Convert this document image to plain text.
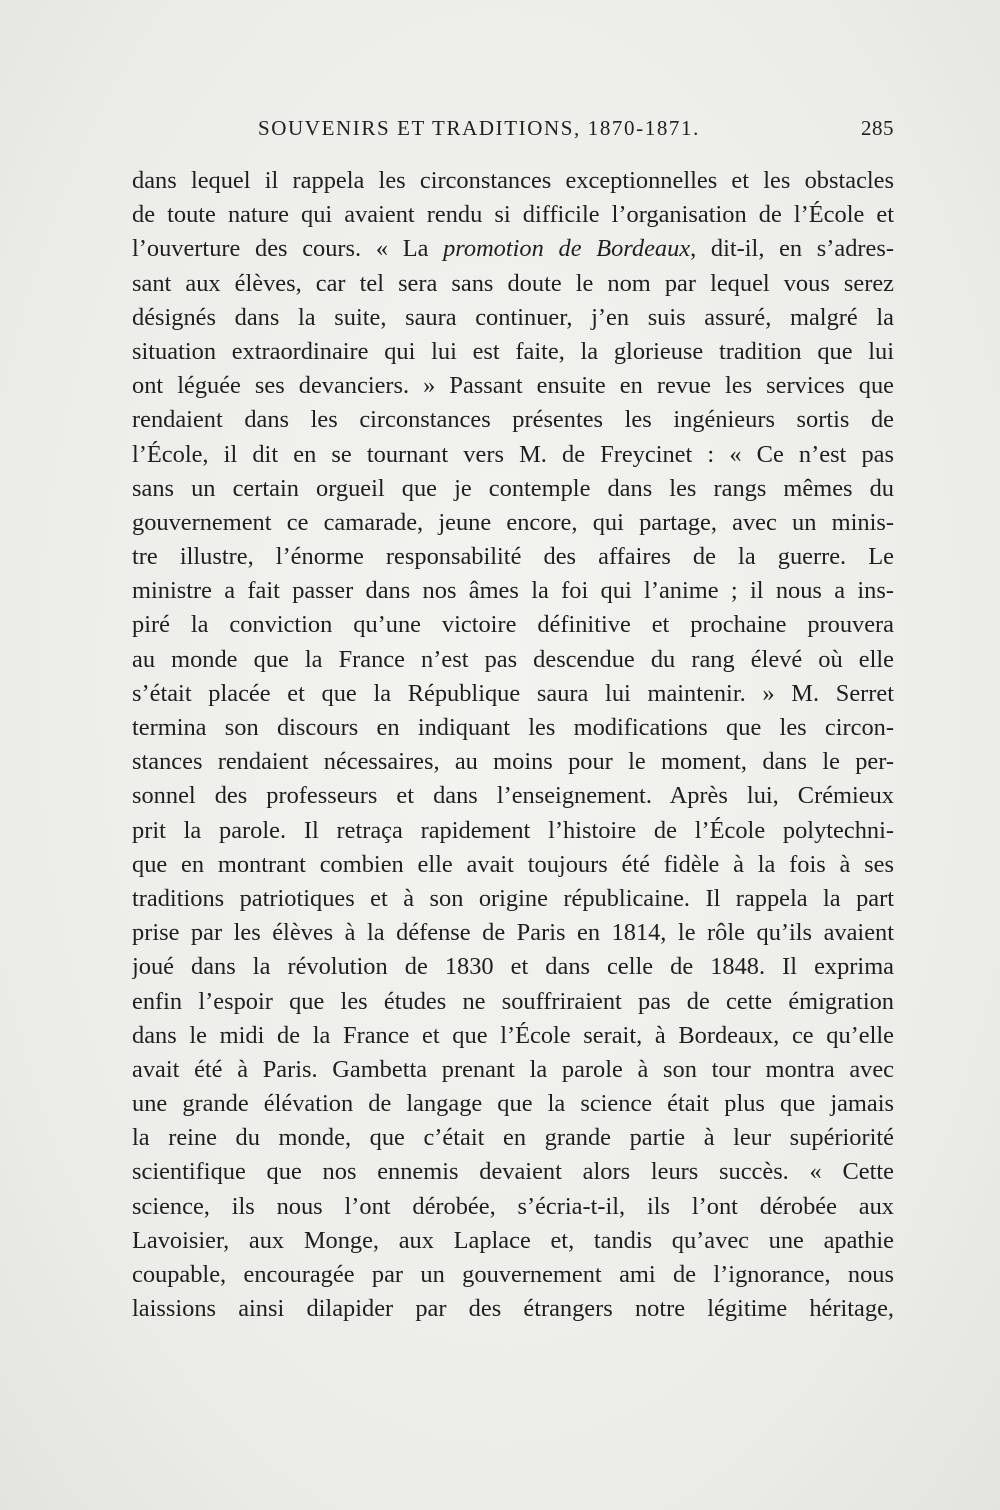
SOUVENIRS ET TRADITIONS, 1870-1871.	285
dans lequel il rappela les circonstances exceptionnelles et les obstacles
de toute nature qui avaient rendu si difficile l’organisation de l’École et
l’ouverture des cours. « La promotion de Bordeaux, dit-il, en s’adres-
sant aux élèves, car tel sera sans doute le nom par lequel vous serez
désignés dans la suite, saura continuer, j’en suis assuré, malgré la
situation extraordinaire qui lui est faite, la glorieuse tradition que lui
ont léguée ses devanciers. » Passant ensuite en revue les services que
rendaient dans les circonstances présentes les ingénieurs sortis de
l’École, il dit en se tournant vers M. de Freycinet : « Ce n’est pas
sans un certain orgueil que je contemple dans les rangs mêmes du
gouvernement ce camarade, jeune encore, qui partage, avec un minis-
tre illustre, l’énorme responsabilité des affaires de la guerre. Le
ministre a fait passer dans nos âmes la foi qui l’anime ; il nous a ins-
piré la conviction qu’une victoire définitive et prochaine prouvera
au monde que la France n’est pas descendue du rang élevé où elle
s’était placée et que la République saura lui maintenir. » M. Serret
termina son discours en indiquant les modifications que les circon-
stances rendaient nécessaires, au moins pour le moment, dans le per-
sonnel des professeurs et dans l’enseignement. Après lui, Crémieux
prit la parole. Il retraça rapidement l’histoire de l’École polytechni-
que en montrant combien elle avait toujours été fidèle à la fois à ses
traditions patriotiques et à son origine républicaine. Il rappela la part
prise par les élèves à la défense de Paris en 1814, le rôle qu’ils avaient
joué dans la révolution de 1830 et dans celle de 1848. Il exprima
enfin l’espoir que les études ne souffriraient pas de cette émigration
dans le midi de la France et que l’École serait, à Bordeaux, ce qu’elle
avait été à Paris. Gambetta prenant la parole à son tour montra avec
une grande élévation de langage que la science était plus que jamais
la reine du monde, que c’était en grande partie à leur supériorité
scientifique que nos ennemis devaient alors leurs succès. « Cette
science, ils nous l’ont dérobée, s’écria-t-il, ils l’ont dérobée aux
Lavoisier, aux Monge, aux Laplace et, tandis qu’avec une apathie
coupable, encouragée par un gouvernement ami de l’ignorance, nous
laissions ainsi dilapider par des étrangers notre légitime héritage,
